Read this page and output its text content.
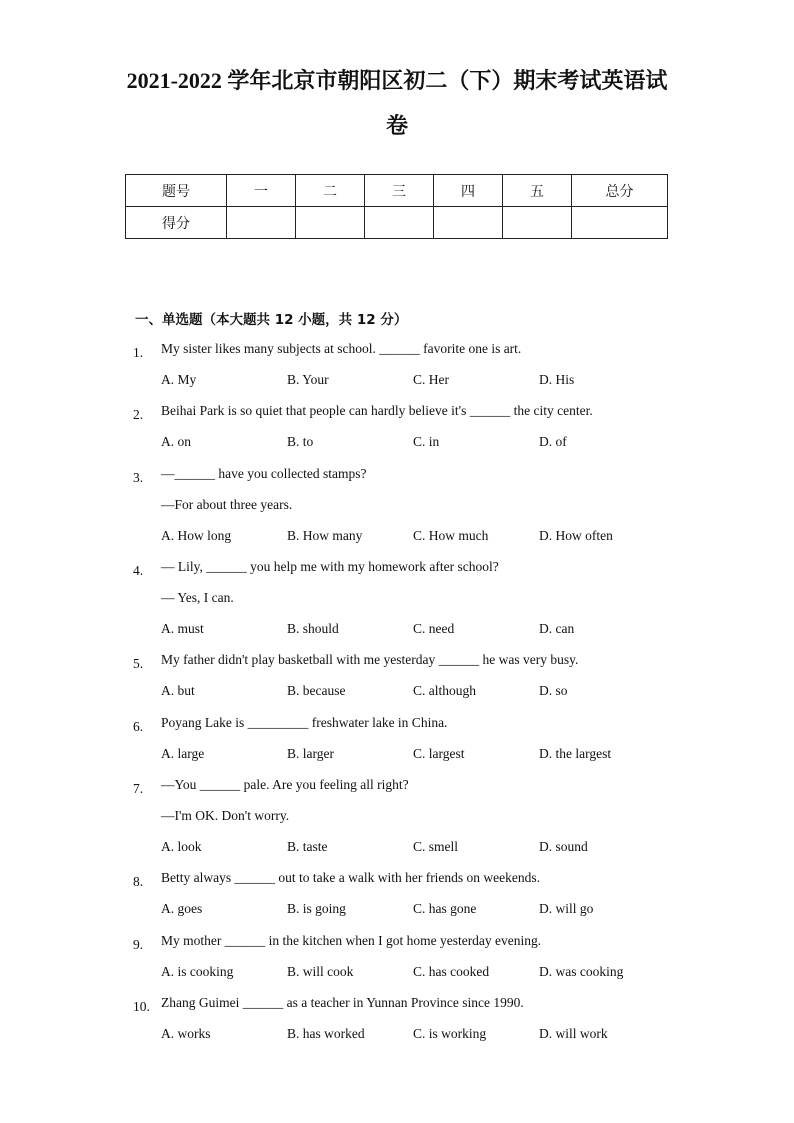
2021-2022 学年北京市朝阳区初二（下）期末考试英语试
卷
题号	一	二	三	四	五	总分
得分						
一、单选题（本大题共 12 小题，共 12 分）
1. My sister likes many subjects at school. ______ favorite one is art.
A. My	B. Your	C. Her	D. His
2. Beihai Park is so quiet that people can hardly believe it's ______ the city center.
A. on	B. to	C. in	D. of
3. —______ have you collected stamps?
—For about three years.
A. How long	B. How many	C. How much	D. How often
4. — Lily, ______ you help me with my homework after school?
— Yes, I can.
A. must	B. should	C. need	D. can
5. My father didn't play basketball with me yesterday ______ he was very busy.
A. but	B. because	C. although	D. so
6. Poyang Lake is _________ freshwater lake in China.
A. large	B. larger	C. largest	D. the largest
7. —You ______ pale. Are you feeling all right?
—I'm OK. Don't worry.
A. look	B. taste	C. smell	D. sound
8. Betty always ______ out to take a walk with her friends on weekends.
A. goes	B. is going	C. has gone	D. will go
9. My mother ______ in the kitchen when I got home yesterday evening.
A. is cooking	B. will cook	C. has cooked	D. was cooking
10. Zhang Guimei ______ as a teacher in Yunnan Province since 1990.
A. works	B. has worked	C. is working	D. will work
